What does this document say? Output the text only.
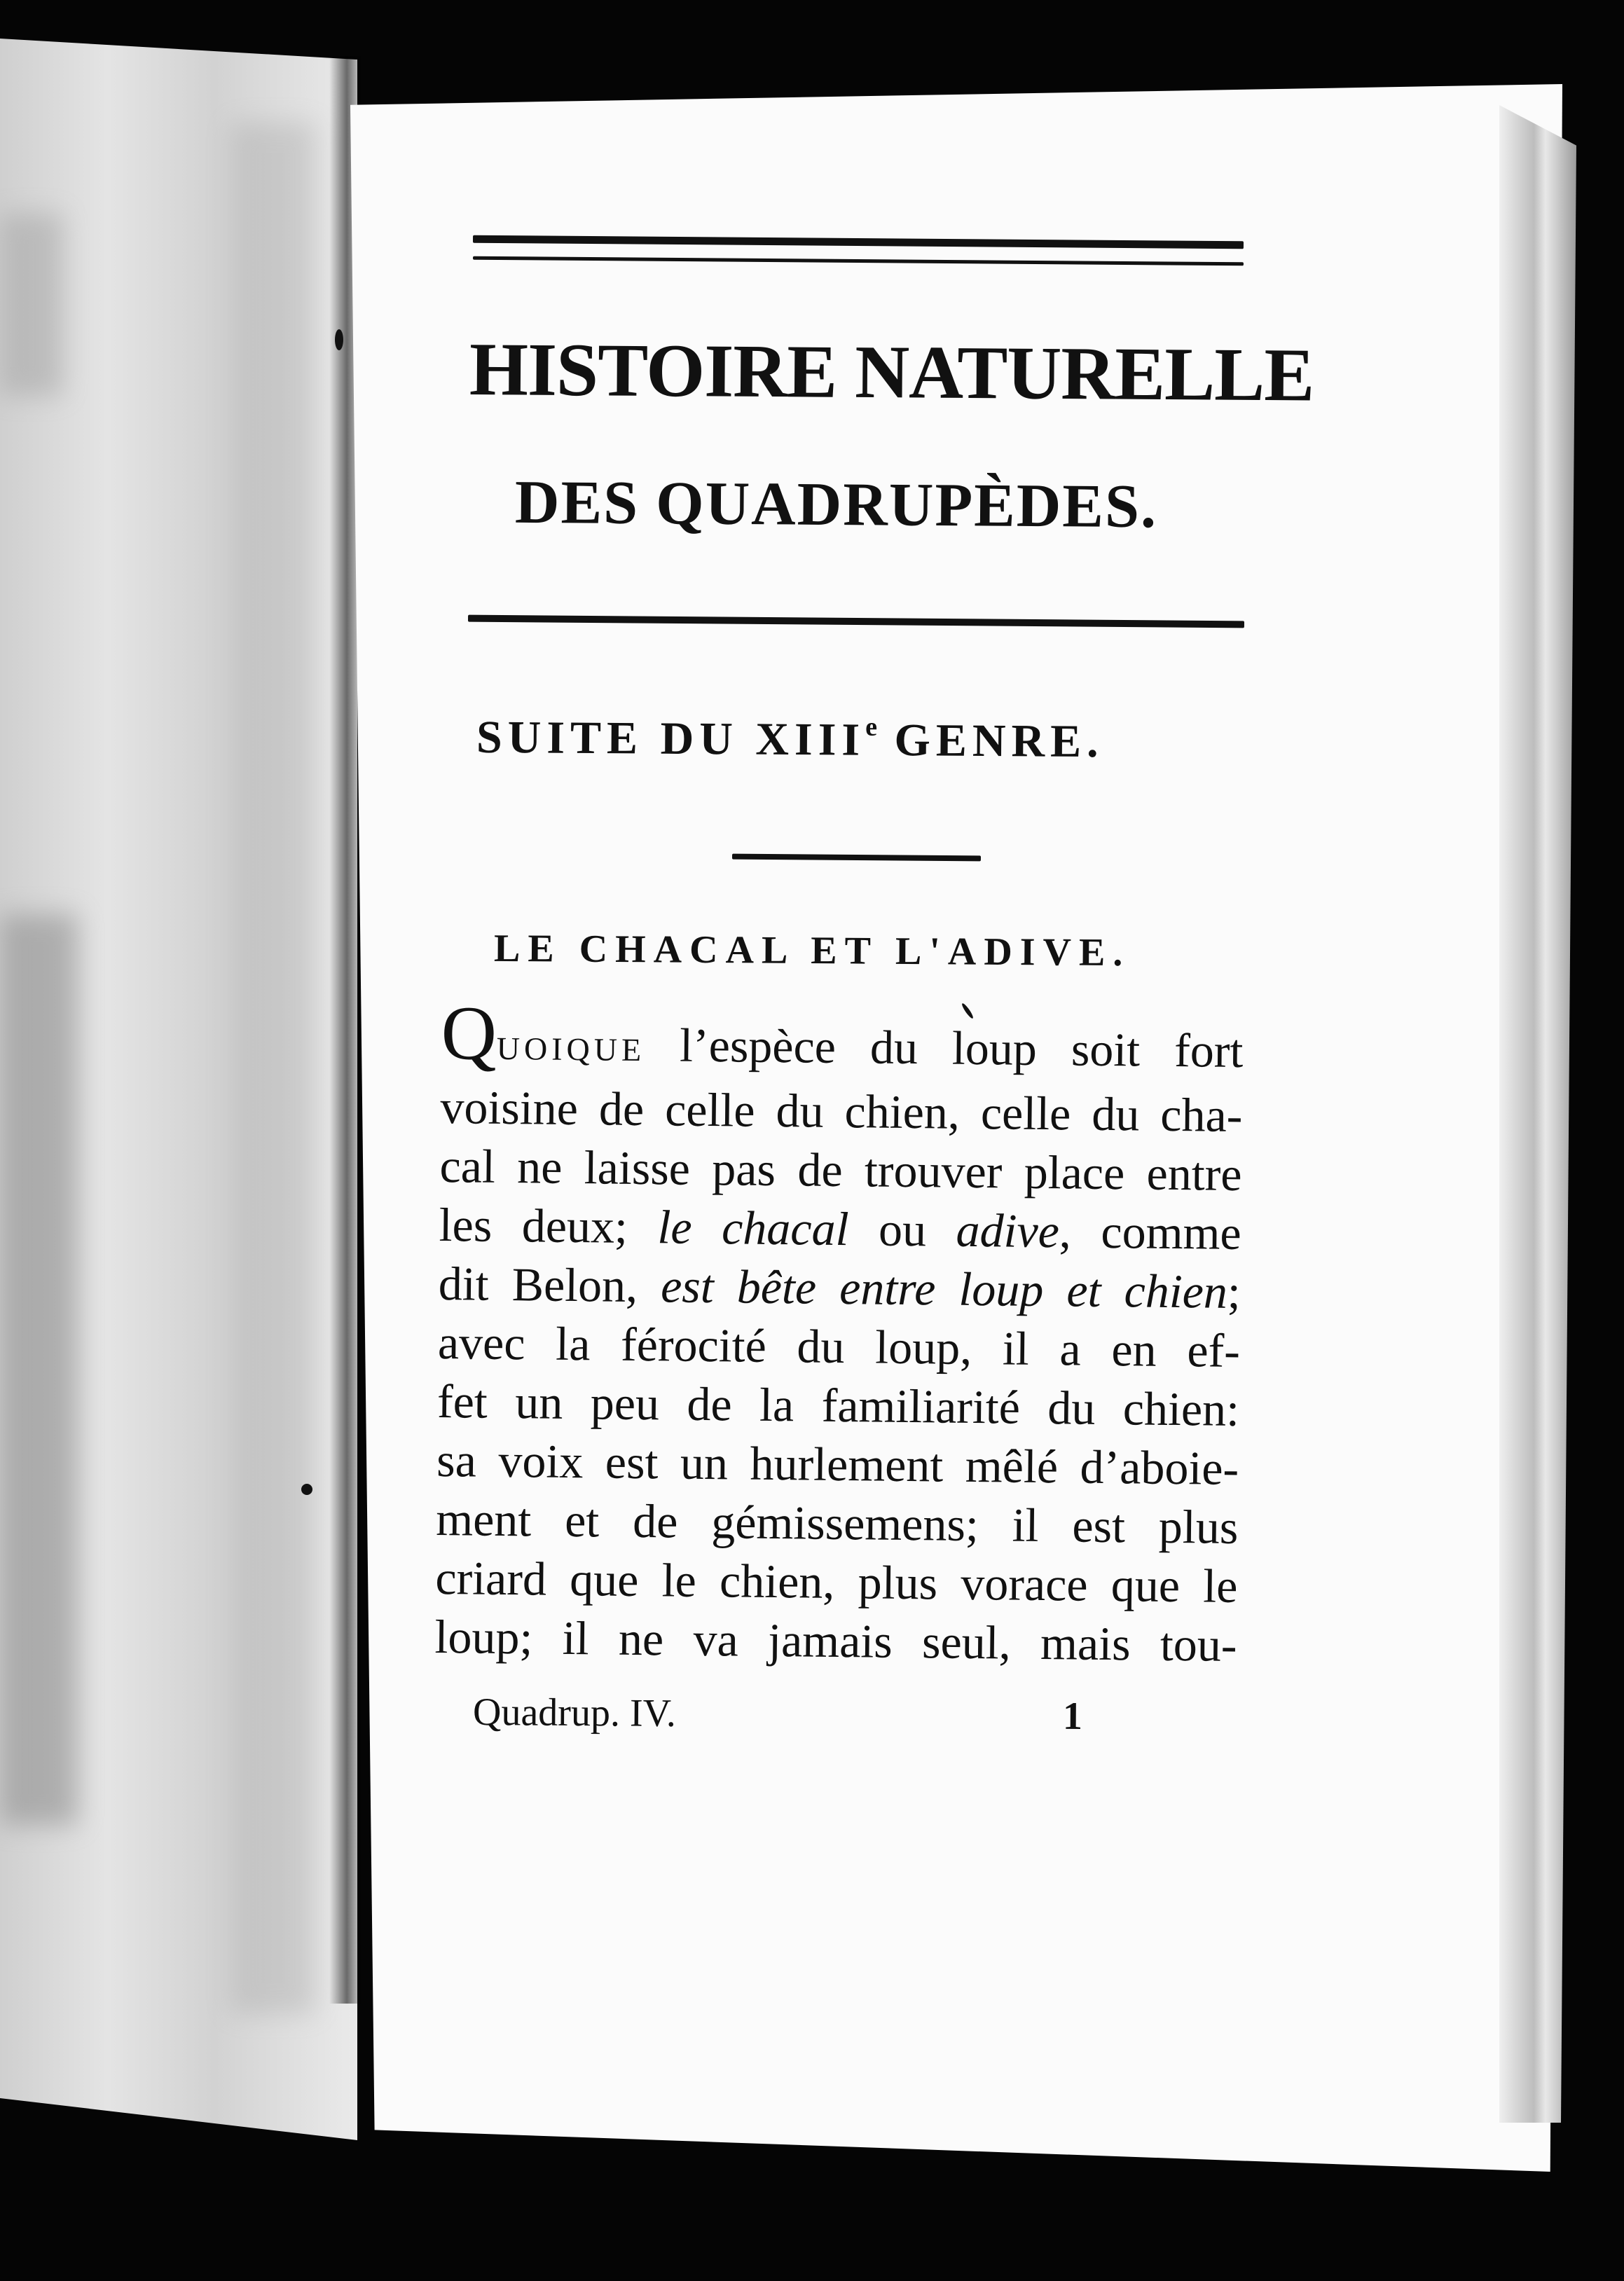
HISTOIRE NATURELLE
DES QUADRUPÈDES.
SUITE DU XIIIe GENRE.
LE CHACAL ET L'ADIVE.
QUOIQUE l’espèce du loup soit fort
voisine de celle du chien, celle du cha-
cal ne laisse pas de trouver place entre
les deux; le chacal ou adive, comme
dit Belon, est bête entre loup et chien;
avec la férocité du loup, il a en ef-
fet un peu de la familiarité du chien:
sa voix est un hurlement mêlé d’aboie-
ment et de gémissemens; il est plus
criard que le chien, plus vorace que le
loup; il ne va jamais seul, mais tou-
Quadrup. IV.	1
